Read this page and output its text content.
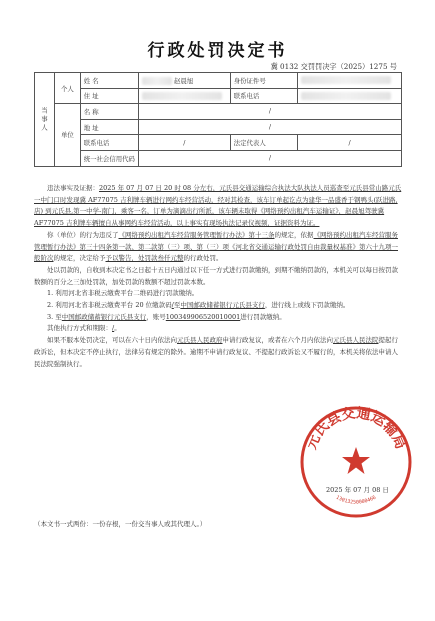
行政处罚决定书
冀 0132 交罚罚决字（2025）1275 号
当事人	个人	姓 名	赵晨旭	身份证件号	
		住 址		联系电话	
	单位	名 称	/		
		地 址	/		
		联系电话	/	法定代表人	/
		统一社会信用代码	/		

违法事实及证据：2025 年 07 月 07 日 20 时 08 分左右，元氏县交通运输综合执法大队执法人员巡查至元氏县常山路元氏一中门口时发现冀 AF77075 吉利牌车辆进行网约车经营活动，经对其检查，该车订单起讫点为建华一品盛香于钢鸭头(跃进路,店) 到元氏县,第一中学-南门，乘客一名，订单为滴滴出行所派，该车辆未取得《网络预约出租汽车运输证》，赵晨旭驾驶冀 AF77075 吉利牌车辆擅自从事网约车经营活动，以上事实有现场执法记录仪视频，证据资料为证。

你（单位）的行为违反了《网络预约出租汽车经营服务管理暂行办法》第十三条的规定，依据《网络预约出租汽车经营服务管理暂行办法》第三十四条第一款、第二款第（三）项、第（三）项《河北省交通运输行政处罚自由裁量权基准》第六十九项一般阶次的规定，决定给予予以警告，处罚款叁仟元整的行政处罚。

处以罚款的，自收到本决定书之日起十五日内通过以下任一方式进行罚款缴纳，到期不缴纳罚款的，本机关可以每日按罚款数额的百分之三加处罚款，加处罚款的数额不超过罚款本数。

1. 利用河北省非税云缴费平台二维码进行罚款缴纳。

2. 利用河北省非税云缴费平台 20 位缴款码/至中国邮政储蓄银行元氏县支行，进行线上或线下罚款缴纳。

3. 至中国邮政储蓄银行元氏县支行，账号100349906520010001进行罚款缴纳。

其他执行方式和期限：/。

如果不服本处罚决定，可以在六十日内依法向元氏县人民政府申请行政复议，或者在六个月内依法向元氏县人民法院提起行政诉讼，但本决定不停止执行，法律另有规定的除外。逾期不申请行政复议、不提起行政诉讼又不履行的，本机关将依法申请人民法院强制执行。

元氏县交通运输局
13013250000466
2025 年 07 月 08 日
（本文书一式两份：一份存根，一份交当事人或其代理人。）
